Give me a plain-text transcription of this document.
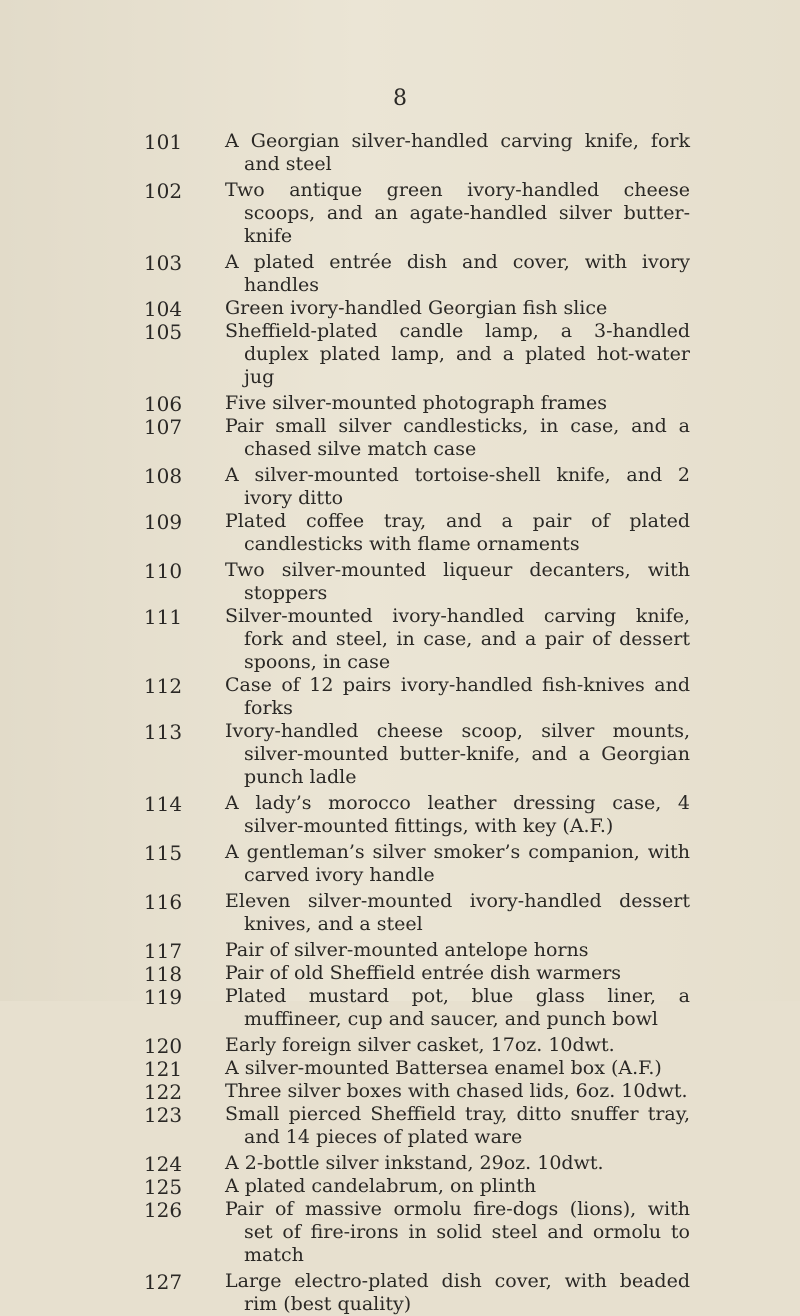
8
101 A Georgian silver-handled carving knife, fork and steel
102 Two antique green ivory-handled cheese scoops, and an agate-handled silver butter-knife
103 A plated entrée dish and cover, with ivory handles
104 Green ivory-handled Georgian fish slice
105 Sheffield-plated candle lamp, a 3-handled duplex plated lamp, and a plated hot-water jug
106 Five silver-mounted photograph frames
107 Pair small silver candlesticks, in case, and a chased silve match case
108 A silver-mounted tortoise-shell knife, and 2 ivory ditto
109 Plated coffee tray, and a pair of plated candlesticks with flame ornaments
110 Two silver-mounted liqueur decanters, with stoppers
111 Silver-mounted ivory-handled carving knife, fork and steel, in case, and a pair of dessert spoons, in case
112 Case of 12 pairs ivory-handled fish-knives and forks
113 Ivory-handled cheese scoop, silver mounts, silver-mounted butter-knife, and a Georgian punch ladle
114 A lady’s morocco leather dressing case, 4 silver-mounted fittings, with key (A.F.)
115 A gentleman’s silver smoker’s companion, with carved ivory handle
116 Eleven silver-mounted ivory-handled dessert knives, and a steel
117 Pair of silver-mounted antelope horns
118 Pair of old Sheffield entrée dish warmers
119 Plated mustard pot, blue glass liner, a muffineer, cup and saucer, and punch bowl
120 Early foreign silver casket, 17oz. 10dwt.
121 A silver-mounted Battersea enamel box (A.F.)
122 Three silver boxes with chased lids, 6oz. 10dwt.
123 Small pierced Sheffield tray, ditto snuffer tray, and 14 pieces of plated ware
124 A 2-bottle silver inkstand, 29oz. 10dwt.
125 A plated candelabrum, on plinth
126 Pair of massive ormolu fire-dogs (lions), with set of fire-irons in solid steel and ormolu to match
127 Large electro-plated dish cover, with beaded rim (best quality)
